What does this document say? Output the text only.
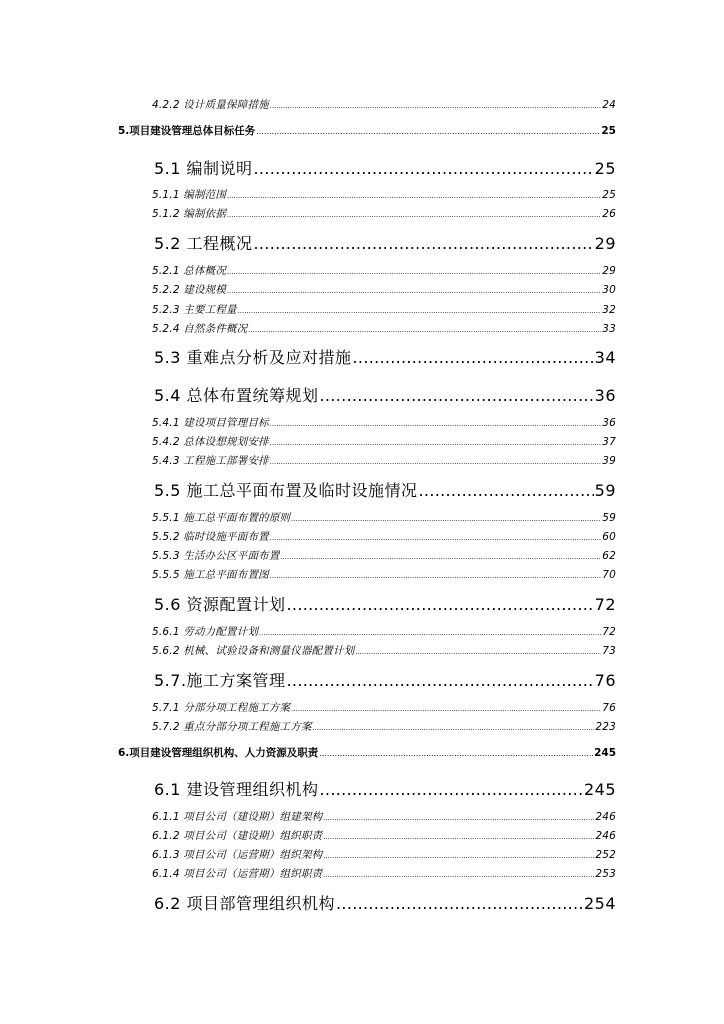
4.2.2 设计质量保障措施 .....	24
5.项目建设管理总体目标任务 .....	25
5.1 编制说明 .....	25
5.1.1 编制范围 .....	25
5.1.2 编制依据 .....	26
5.2 工程概况 .....	29
5.2.1 总体概况 .....	29
5.2.2 建设规模 .....	30
5.2.3 主要工程量 .....	32
5.2.4 自然条件概况 .....	33
5.3 重难点分析及应对措施 .....	34
5.4 总体布置统筹规划 .....	36
5.4.1 建设项目管理目标 .....	36
5.4.2 总体设想规划安排 .....	37
5.4.3 工程施工部署安排 .....	39
5.5 施工总平面布置及临时设施情况 .....	59
5.5.1 施工总平面布置的原则 .....	59
5.5.2 临时设施平面布置 .....	60
5.5.3 生活办公区平面布置 .....	62
5.5.5 施工总平面布置图 .....	70
5.6 资源配置计划 .....	72
5.6.1 劳动力配置计划 .....	72
5.6.2 机械、试验设备和测量仪器配置计划 .....	73
5.7.施工方案管理 .....	76
5.7.1 分部分项工程施工方案 .....	76
5.7.2 重点分部分项工程施工方案 .....	223
6.项目建设管理组织机构、人力资源及职责 .....	245
6.1 建设管理组织机构 .....	245
6.1.1 项目公司（建设期）组建架构 .....	246
6.1.2 项目公司（建设期）组织职责 .....	246
6.1.3 项目公司（运营期）组织架构 .....	252
6.1.4 项目公司（运营期）组织职责 .....	253
6.2 项目部管理组织机构 .....	254
